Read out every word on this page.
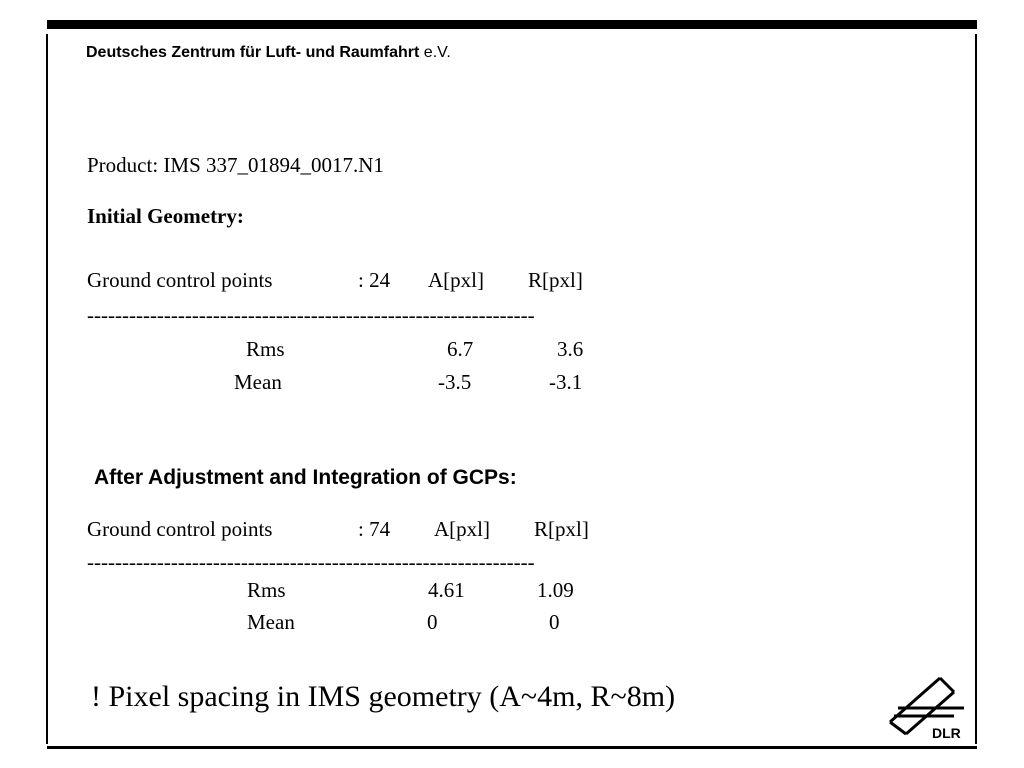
Deutsches Zentrum für Luft- und Raumfahrt e.V.
Product: IMS 337_01894_0017.N1
Initial Geometry:
Ground control points	: 24 A[pxl] R[pxl]
----------------------------------------------------------------
Rms	6.7	3.6
Mean	-3.5	-3.1
After Adjustment and Integration of GCPs:
Ground control points	: 74 A[pxl] R[pxl]
----------------------------------------------------------------
Rms	4.61	1.09
Mean	0	0
! Pixel spacing in IMS geometry (A~4m, R~8m)
DLR
